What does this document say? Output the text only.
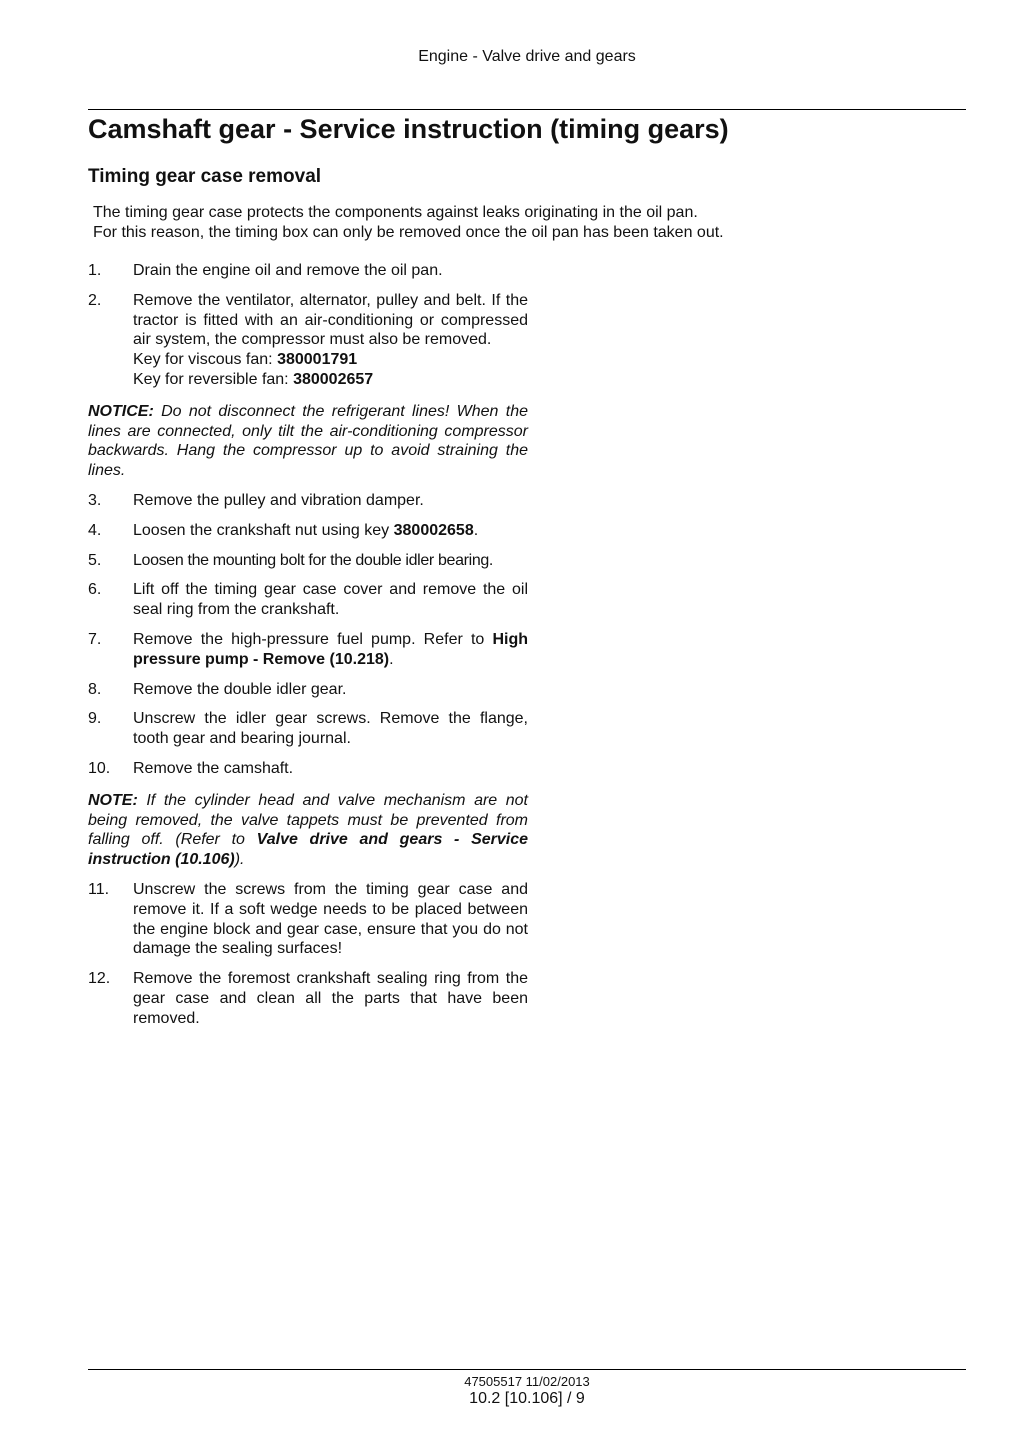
Engine - Valve drive and gears
Camshaft gear - Service instruction (timing gears)
Timing gear case removal

The timing gear case protects the components against leaks originating in the oil pan.

For this reason, the timing box can only be removed once the oil pan has been taken out.

1.	Drain the engine oil and remove the oil pan.
2.	Remove the ventilator, alternator, pulley and belt. If the tractor is fitted with an air-conditioning or compressed air system, the compressor must also be removed.
Key for viscous fan: 380001791
Key for reversible fan: 380002657
NOTICE: Do not disconnect the refrigerant lines! When the lines are connected, only tilt the air-conditioning compressor backwards. Hang the compressor up to avoid straining the lines.
3.	Remove the pulley and vibration damper.
4.	Loosen the crankshaft nut using key 380002658.
5.	Loosen the mounting bolt for the double idler bearing.
6.	Lift off the timing gear case cover and remove the oil seal ring from the crankshaft.
7.	Remove the high-pressure fuel pump. Refer to High pressure pump - Remove (10.218).
8.	Remove the double idler gear.
9.	Unscrew the idler gear screws. Remove the flange, tooth gear and bearing journal.
10.	Remove the camshaft.
NOTE: If the cylinder head and valve mechanism are not being removed, the valve tappets must be prevented from falling off. (Refer to Valve drive and gears - Service instruction (10.106)).
11.	Unscrew the screws from the timing gear case and remove it. If a soft wedge needs to be placed between the engine block and gear case, ensure that you do not damage the sealing surfaces!
12.	Remove the foremost crankshaft sealing ring from the gear case and clean all the parts that have been removed.
47505517 11/02/2013
10.2 [10.106] / 9
